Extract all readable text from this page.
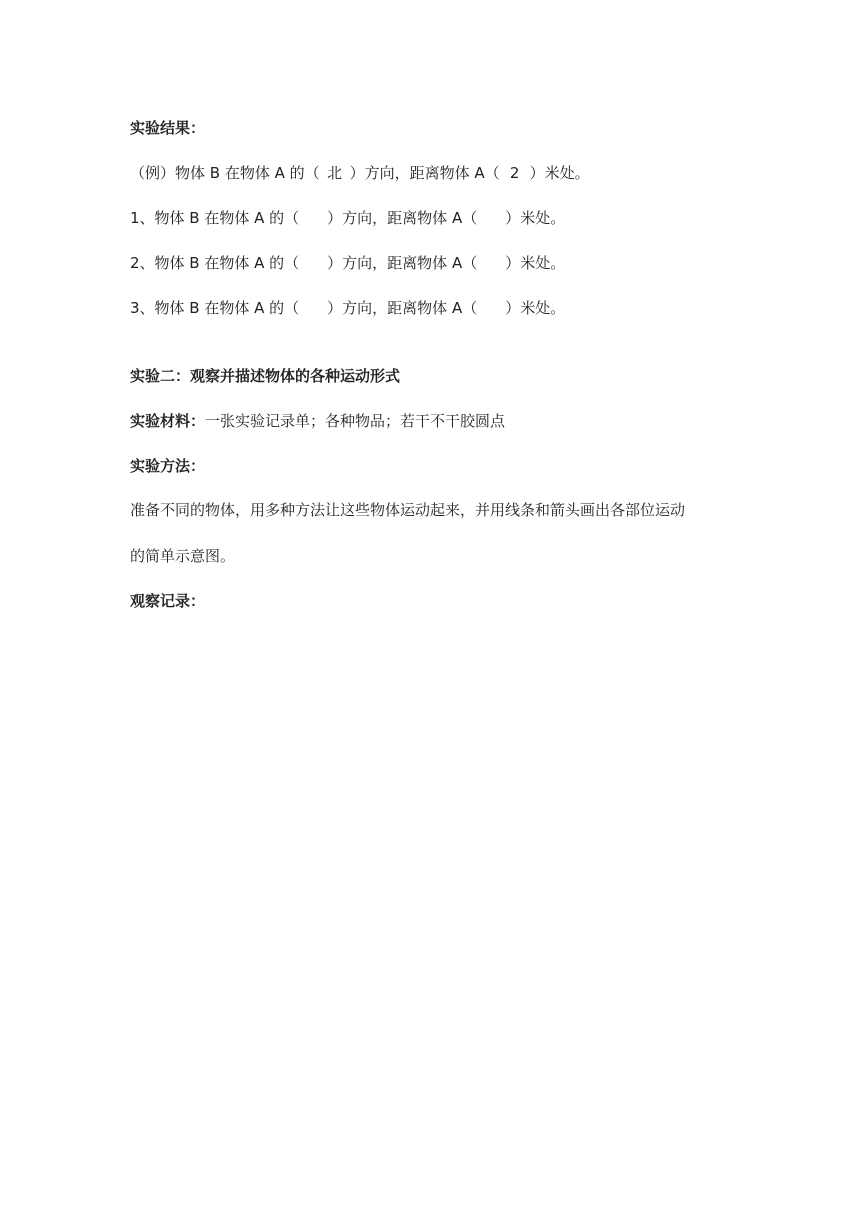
实验结果：
（例）物体 B 在物体 A 的（ 北 ）方向，距离物体 A（ 2 ）米处。
1、物体 B 在物体 A 的（ ）方向，距离物体 A（ ）米处。
2、物体 B 在物体 A 的（ ）方向，距离物体 A（ ）米处。
3、物体 B 在物体 A 的（ ）方向，距离物体 A（ ）米处。
实验二：观察并描述物体的各种运动形式
实验材料：一张实验记录单；各种物品；若干不干胶圆点
实验方法：
准备不同的物体，用多种方法让这些物体运动起来，并用线条和箭头画出各部位运动
的简单示意图。
观察记录：
